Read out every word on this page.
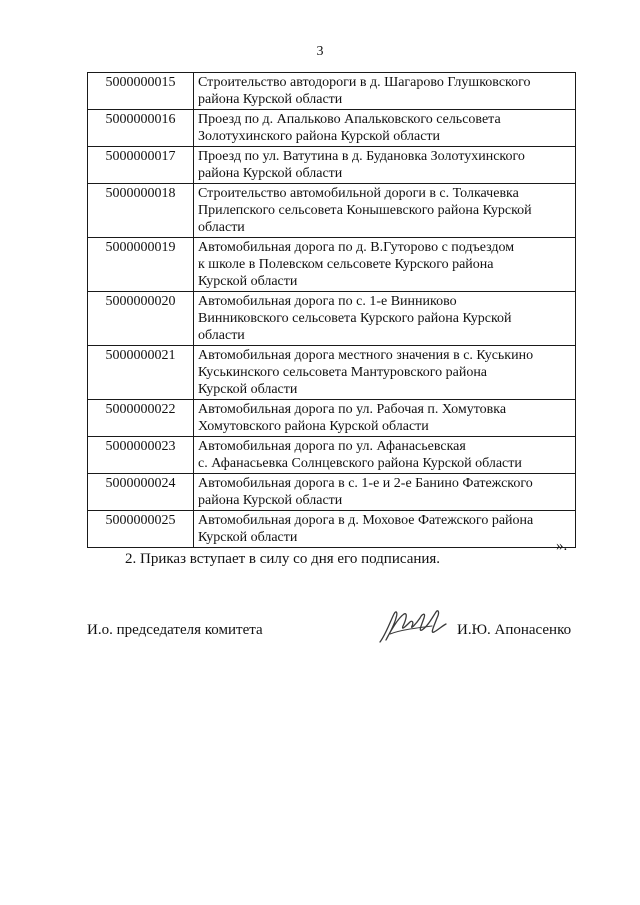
3
5000000015	Строительство автодороги в д. Шагарово Глушковского
района Курской области
5000000016	Проезд по д. Апальково Апальковского сельсовета
Золотухинского района Курской области
5000000017	Проезд по ул. Ватутина в д. Будановка Золотухинского
района Курской области
5000000018	Строительство автомобильной дороги в с. Толкачевка
Прилепского сельсовета Конышевского района Курской
области
5000000019	Автомобильная дорога по д. В.Гуторово с подъездом
к школе в Полевском сельсовете Курского района
Курской области
5000000020	Автомобильная дорога по с. 1-е Винниково
Винниковского сельсовета Курского района Курской
области
5000000021	Автомобильная дорога местного значения в с. Куськино
Куськинского сельсовета Мантуровского района
Курской области
5000000022	Автомобильная дорога по ул. Рабочая п. Хомутовка
Хомутовского района Курской области
5000000023	Автомобильная дорога по ул. Афанасьевская
с. Афанасьевка Солнцевского района Курской области
5000000024	Автомобильная дорога в с. 1-е и 2-е Банино Фатежского
района Курской области
5000000025	Автомобильная дорога в д. Моховое Фатежского района
Курской области
».
2. Приказ вступает в силу со дня его подписания.
И.о. председателя комитета	И.Ю. Апонасенко
